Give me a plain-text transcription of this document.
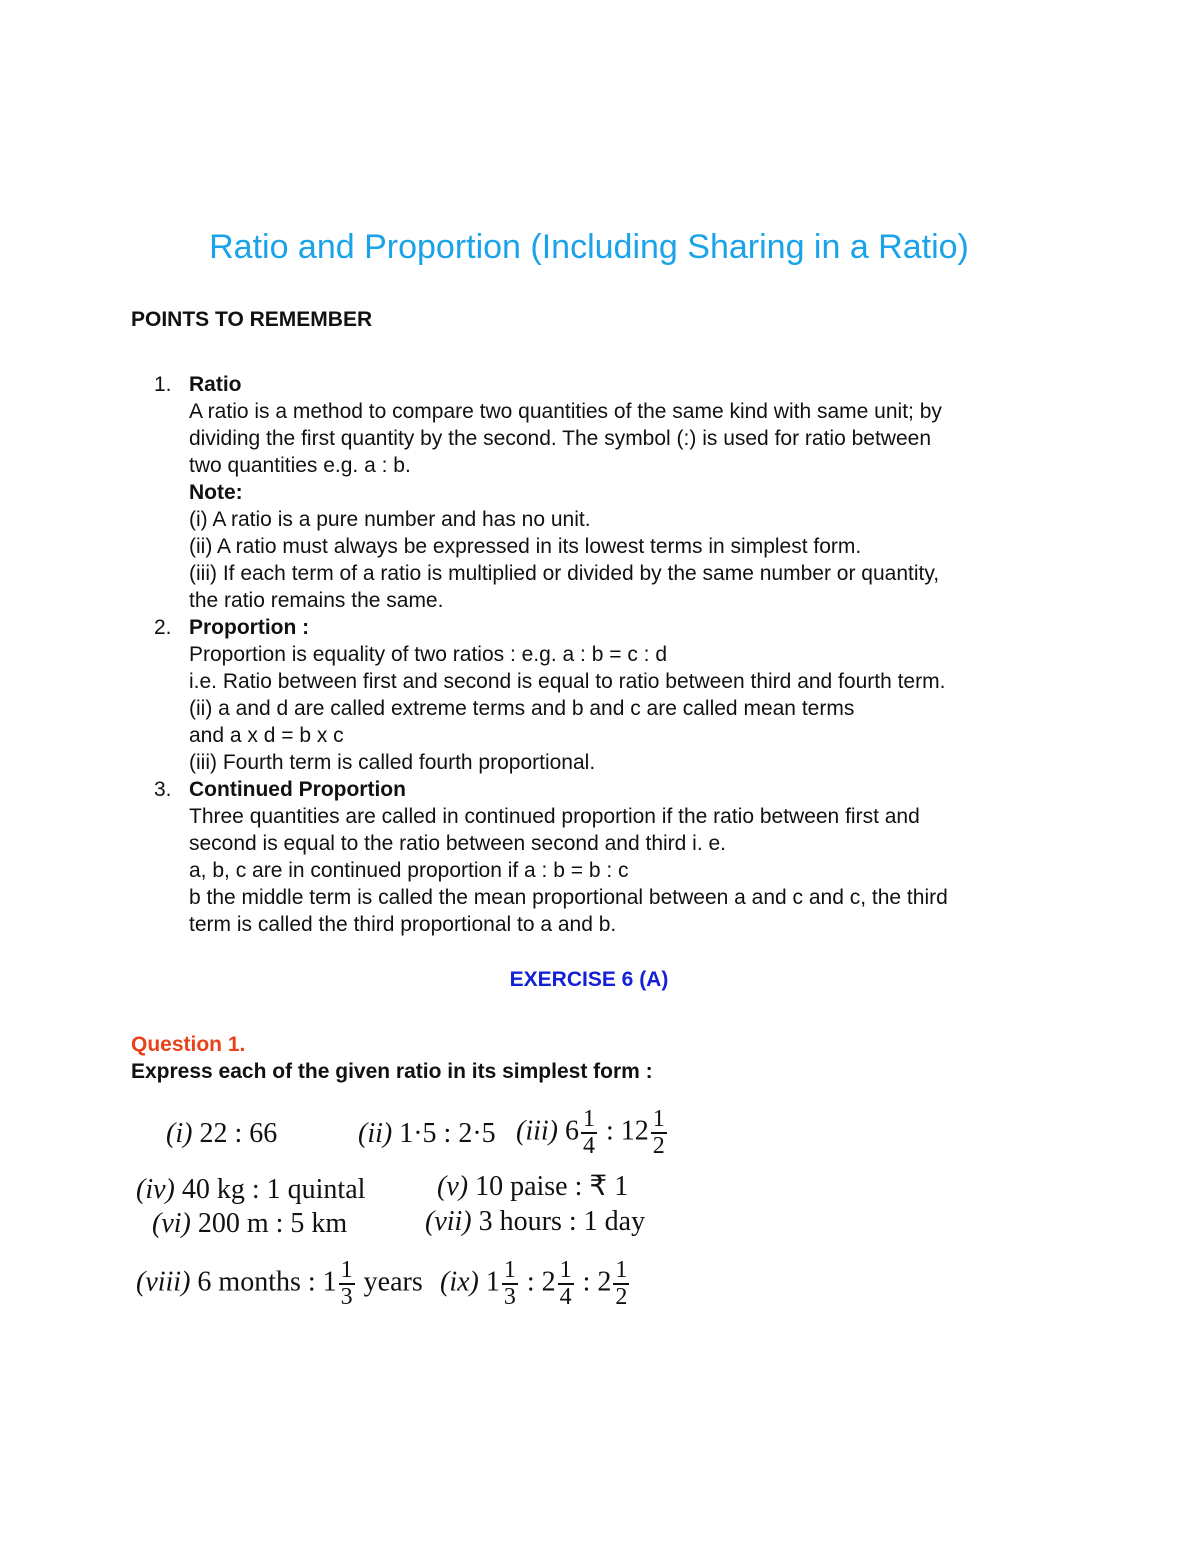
Ratio and Proportion (Including Sharing in a Ratio)
POINTS TO REMEMBER
1. Ratio
A ratio is a method to compare two quantities of the same kind with same unit; by
dividing the first quantity by the second. The symbol (:) is used for ratio between
two quantities e.g. a : b.
Note:
(i) A ratio is a pure number and has no unit.
(ii) A ratio must always be expressed in its lowest terms in simplest form.
(iii) If each term of a ratio is multiplied or divided by the same number or quantity,
the ratio remains the same.
2. Proportion :
Proportion is equality of two ratios : e.g. a : b = c : d
i.e. Ratio between first and second is equal to ratio between third and fourth term.
(ii) a and d are called extreme terms and b and c are called mean terms
and a x d = b x c
(iii) Fourth term is called fourth proportional.
3. Continued Proportion
Three quantities are called in continued proportion if the ratio between first and
second is equal to the ratio between second and third i. e.
a, b, c are in continued proportion if a : b = b : c
b the middle term is called the mean proportional between a and c and c, the third
term is called the third proportional to a and b.
EXERCISE 6 (A)
Question 1.
Express each of the given ratio in its simplest form :
(i) 22 : 66	(ii) 1·5 : 2·5 (iii) $6 \frac{1}{4}$ : $12 \frac{1}{2}$
(iv) 40 kg : 1 quintal	(v) 10 paise : ₹ 1
(vi) 200 m : 5 km	(vii) 3 hours : 1 day
(viii) 6 months : $1 \frac{1}{3}$ years (ix) $1 \frac{1}{3}$ : $2 \frac{1}{4}$ : $2 \frac{1}{2}$
